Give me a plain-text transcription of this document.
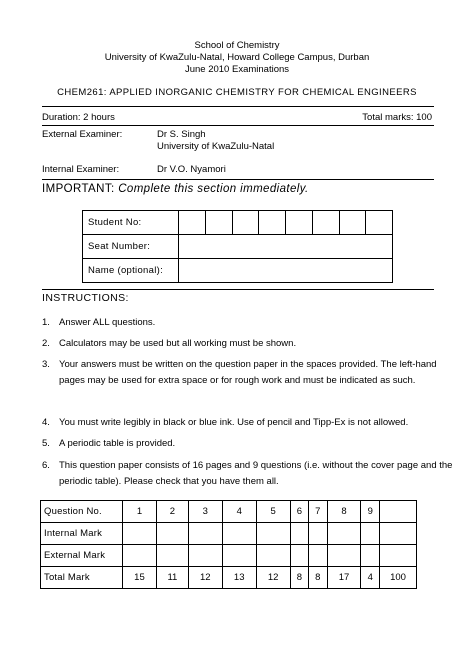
School of Chemistry
University of KwaZulu-Natal, Howard College Campus, Durban
June 2010 Examinations
CHEM261: APPLIED INORGANIC CHEMISTRY FOR CHEMICAL ENGINEERS
Duration: 2 hours	Total marks: 100
External Examiner:	Dr S. Singh
University of KwaZulu-Natal
Internal Examiner:	Dr V.O. Nyamori
IMPORTANT: Complete this section immediately.
Student No:								
Seat Number:								
Name (optional):								
INSTRUCTIONS:
1. Answer ALL questions.
2. Calculators may be used but all working must be shown.
3. Your answers must be written on the question paper in the spaces provided. The left-hand pages may be used for extra space or for rough work and must be indicated as such.
4. You must write legibly in black or blue ink. Use of pencil and Tipp-Ex is not allowed.
5. A periodic table is provided.
6. This question paper consists of 16 pages and 9 questions (i.e. without the cover page and the periodic table). Please check that you have them all.
Question No.	1	2	3	4	5	6	7	8	9	
Internal Mark										
External Mark										
Total Mark	15	11	12	13	12	8	8	17	4	100
